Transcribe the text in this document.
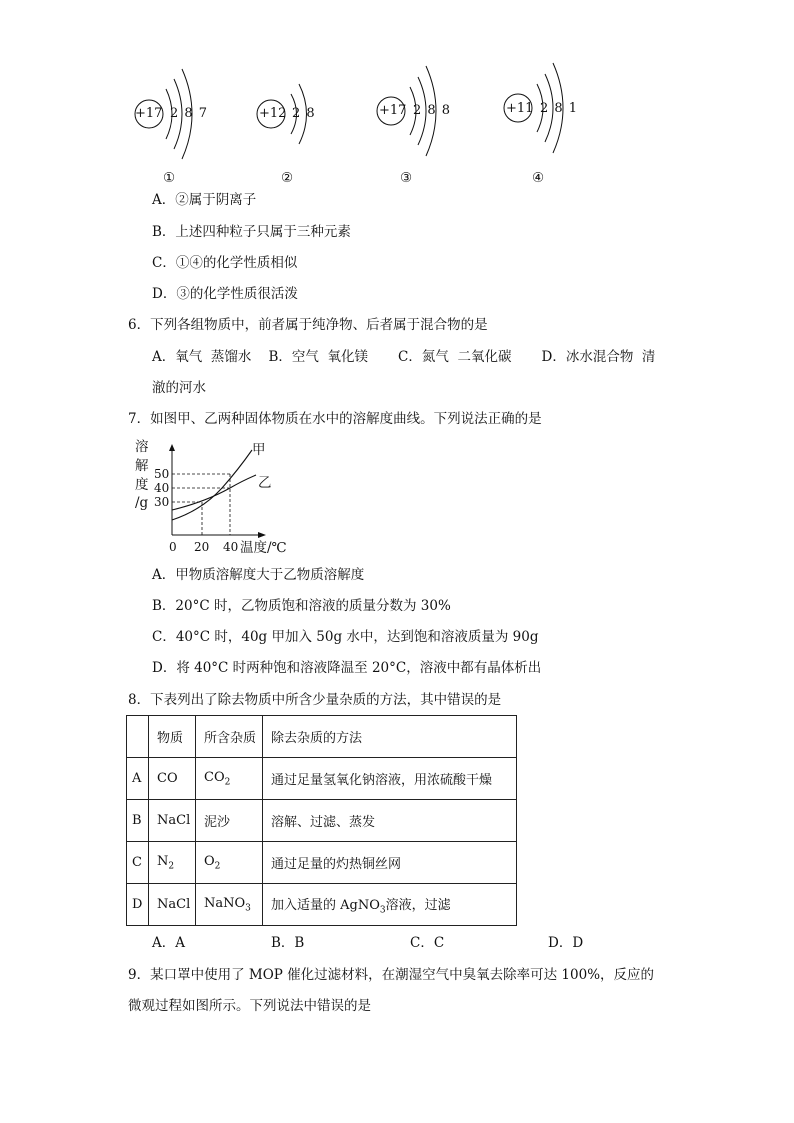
+17 2 8 7
①
+12 2 8
②
+17 2 8 8
③
+11 2 8 1
④
A．②属于阴离子
B．上述四种粒子只属于三种元素
C．①④的化学性质相似
D．③的化学性质很活泼
6．下列各组物质中，前者属于纯净物、后者属于混合物的是
A．氧气  蒸馏水    B．空气  氧化镁       C．氮气  二氧化碳       D．冰水混合物  清
澈的河水
7．如图甲、乙两种固体物质在水中的溶解度曲线。下列说法正确的是
溶
解
度
/g
50
40
30
甲
乙
0 20 40 温度/℃
A．甲物质溶解度大于乙物质溶解度
B．20°C 时，乙物质饱和溶液的质量分数为 30%
C．40°C 时，40g 甲加入 50g 水中，达到饱和溶液质量为 90g
D．将 40°C 时两种饱和溶液降温至 20°C，溶液中都有晶体析出
8．下表列出了除去物质中所含少量杂质的方法，其中错误的是
	物质	所含杂质	除去杂质的方法
A	CO	$CO_2$	通过足量氢氧化钠溶液，用浓硫酸干燥
B	NaCl	泥沙	溶解、过滤、蒸发
C	$N_2$	$O_2$	通过足量的灼热铜丝网
D	NaCl	NaNO$_3$	加入适量的 AgNO$_3$溶液，过滤
A．A	B．B	C．C	D．D
9．某口罩中使用了 MOP 催化过滤材料，在潮湿空气中臭氧去除率可达 100%，反应的
微观过程如图所示。下列说法中错误的是
